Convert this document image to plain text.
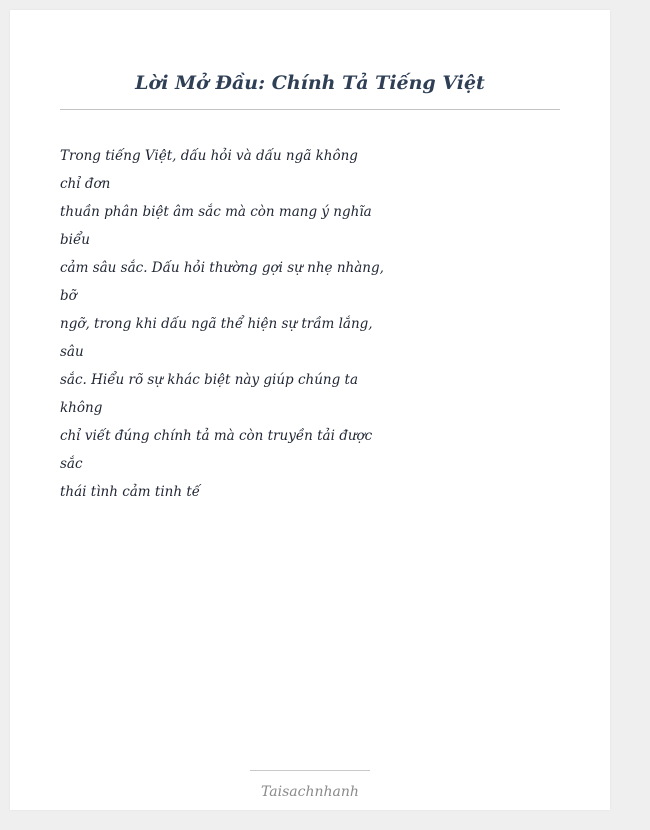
Lời Mở Đầu: Chính Tả Tiếng Việt
Trong tiếng Việt, dấu hỏi và dấu ngã không
chỉ đơn
thuần phân biệt âm sắc mà còn mang ý nghĩa
biểu
cảm sâu sắc. Dấu hỏi thường gợi sự nhẹ nhàng,
bỡ
ngỡ, trong khi dấu ngã thể hiện sự trầm lắng,
sâu
sắc. Hiểu rõ sự khác biệt này giúp chúng ta
không
chỉ viết đúng chính tả mà còn truyền tải được
sắc
thái tình cảm tinh tế
Taisachnhanh
